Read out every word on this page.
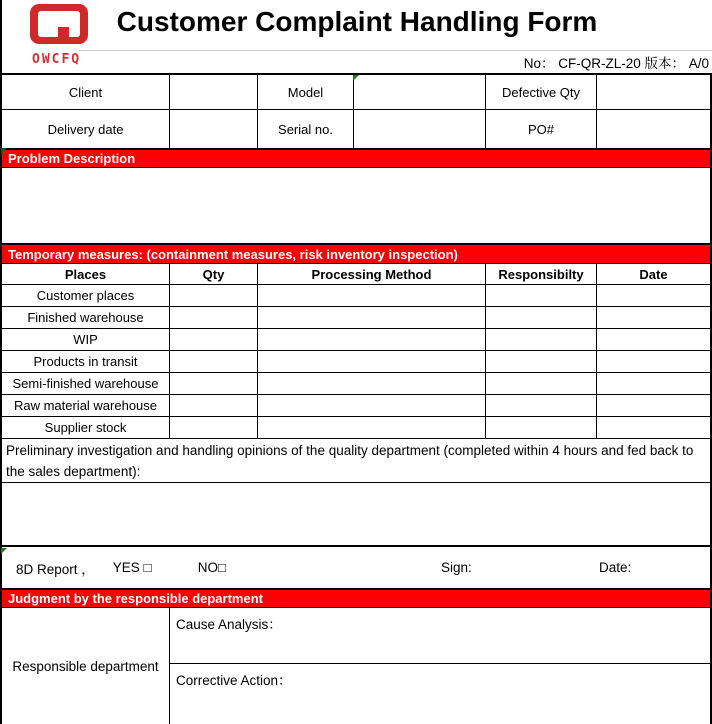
Customer Complaint Handling Form
OWCFQ	No： CF-QR-ZL-20 版本： A/0
Client	Model	Defective Qty
Delivery date	Serial no.	PO#
Problem Description
Temporary measures: (containment measures, risk inventory inspection)
Places	Qty	Processing Method	Responsibilty	Date
Customer places
Finished warehouse
WIP
Products in transit
Semi-finished warehouse
Raw material warehouse
Supplier stock
Preliminary investigation and handling opinions of the quality department (completed within 4 hours and fed back to the sales department):
8D Report ， YES □	NO□	Sign:	Date:
Judgment by the responsible department
Responsible department
Cause Analysis：
Corrective Action：
